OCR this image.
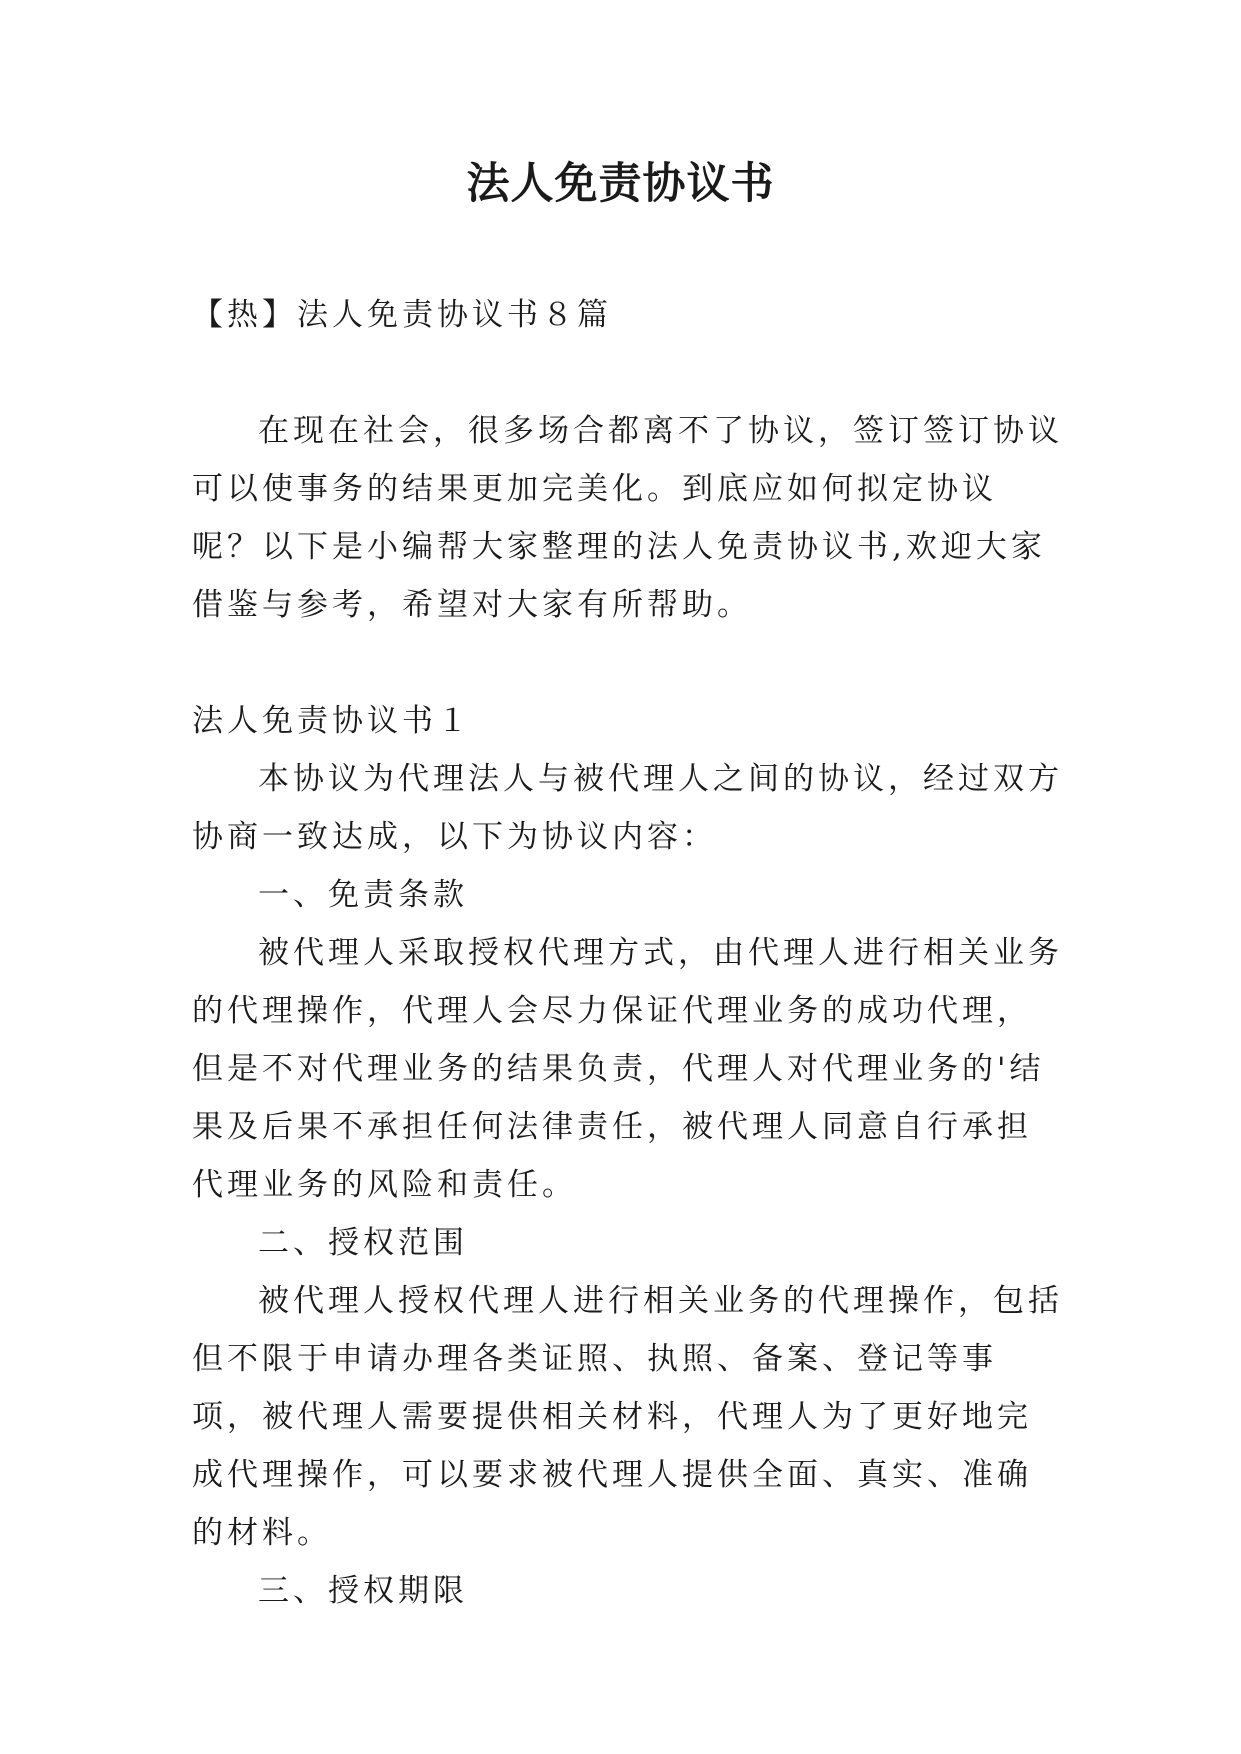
法人免责协议书

【热】法人免责协议书８篇

在现在社会，很多场合都离不了协议，签订签订协议可以使事务的结果更加完美化。到底应如何拟定协议呢？以下是小编帮大家整理的法人免责协议书,欢迎大家借鉴与参考，希望对大家有所帮助。

法人免责协议书１

本协议为代理法人与被代理人之间的协议，经过双方协商一致达成，以下为协议内容：

一、免责条款

被代理人采取授权代理方式，由代理人进行相关业务的代理操作，代理人会尽力保证代理业务的成功代理，但是不对代理业务的结果负责，代理人对代理业务的'结果及后果不承担任何法律责任，被代理人同意自行承担代理业务的风险和责任。

二、授权范围

被代理人授权代理人进行相关业务的代理操作，包括但不限于申请办理各类证照、执照、备案、登记等事项，被代理人需要提供相关材料，代理人为了更好地完成代理操作，可以要求被代理人提供全面、真实、准确的材料。

三、授权期限
